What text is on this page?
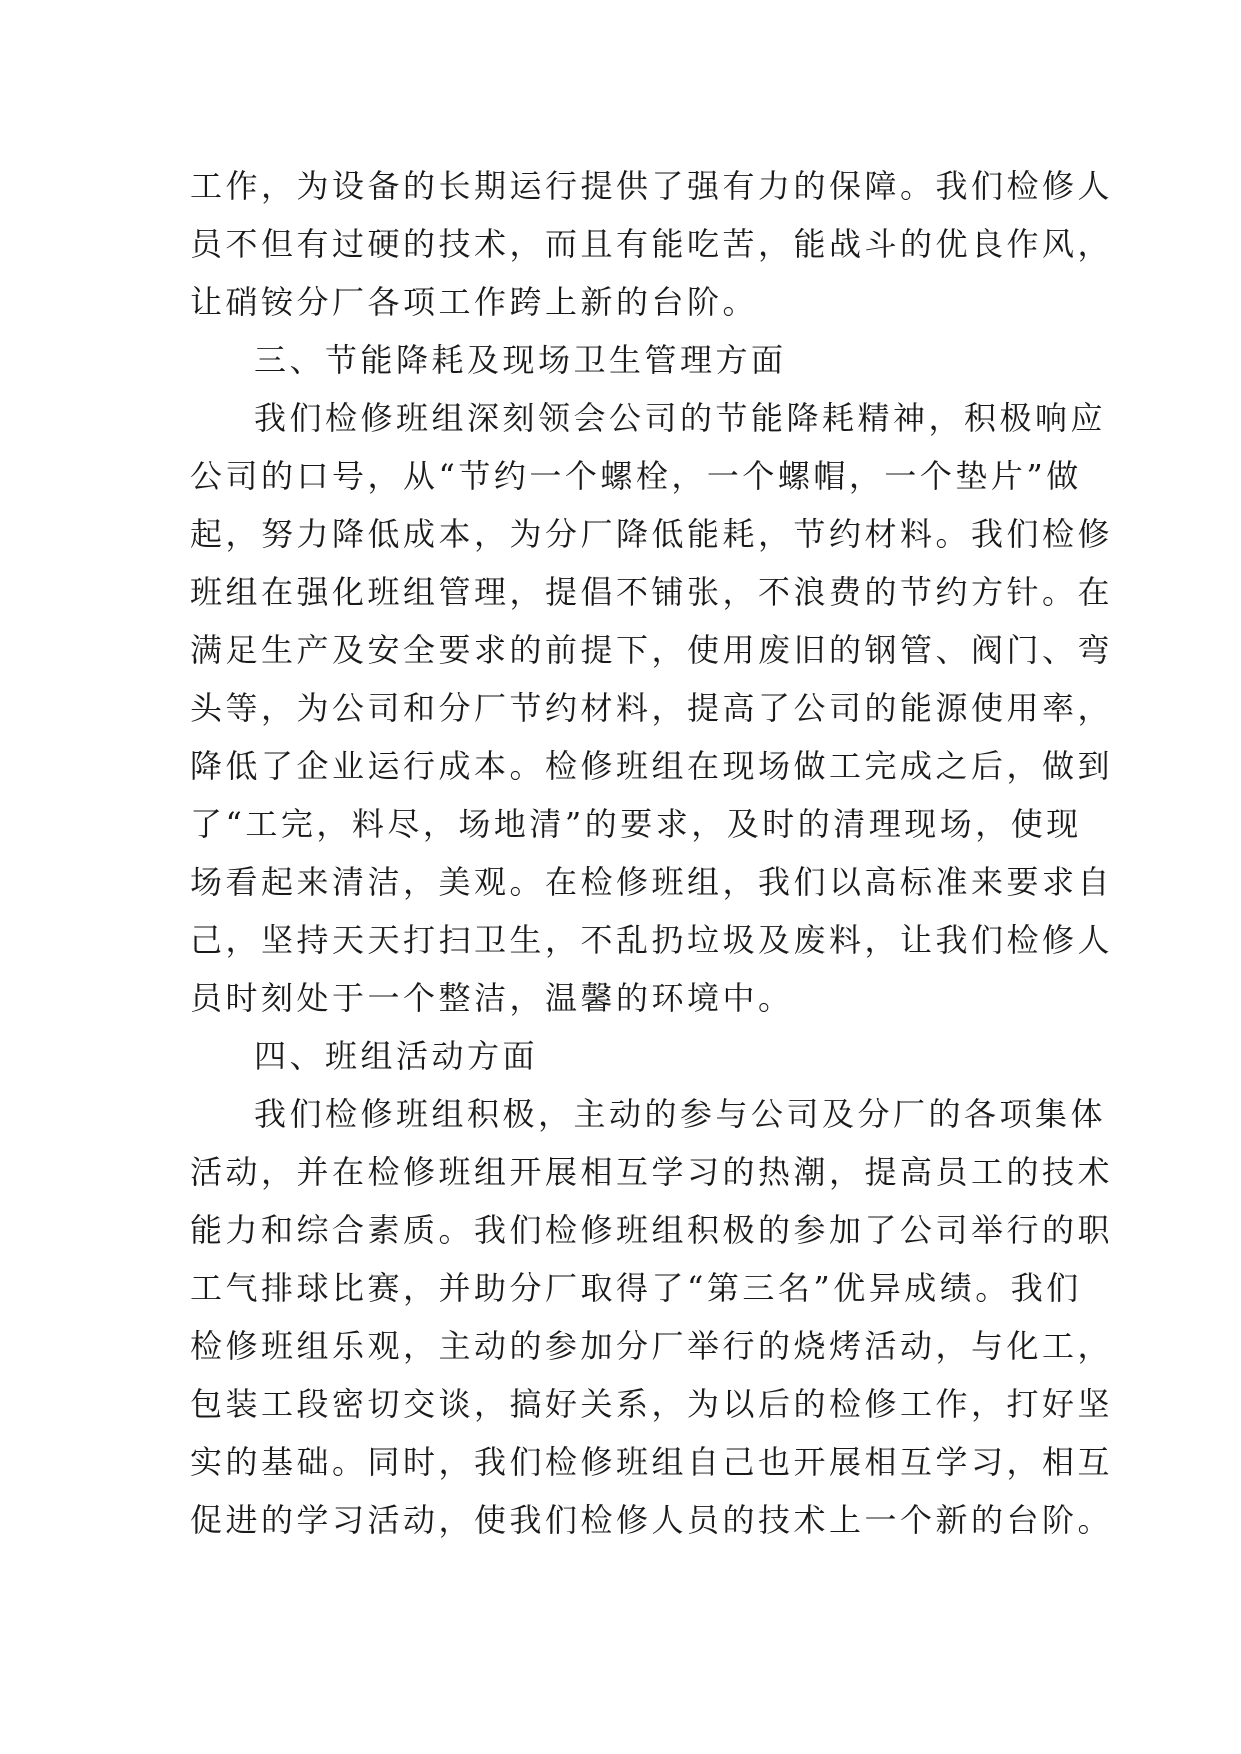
工作，为设备的长期运行提供了强有力的保障。我们检修人
员不但有过硬的技术，而且有能吃苦，能战斗的优良作风，
让硝铵分厂各项工作跨上新的台阶。
三、节能降耗及现场卫生管理方面
我们检修班组深刻领会公司的节能降耗精神，积极响应
公司的口号，从“节约一个螺栓，一个螺帽，一个垫片”做
起，努力降低成本，为分厂降低能耗，节约材料。我们检修
班组在强化班组管理，提倡不铺张，不浪费的节约方针。在
满足生产及安全要求的前提下，使用废旧的钢管、阀门、弯
头等，为公司和分厂节约材料，提高了公司的能源使用率，
降低了企业运行成本。检修班组在现场做工完成之后，做到
了“工完，料尽，场地清”的要求，及时的清理现场，使现
场看起来清洁，美观。在检修班组，我们以高标准来要求自
己，坚持天天打扫卫生，不乱扔垃圾及废料，让我们检修人
员时刻处于一个整洁，温馨的环境中。
四、班组活动方面
我们检修班组积极，主动的参与公司及分厂的各项集体
活动，并在检修班组开展相互学习的热潮，提高员工的技术
能力和综合素质。我们检修班组积极的参加了公司举行的职
工气排球比赛，并助分厂取得了“第三名”优异成绩。我们
检修班组乐观，主动的参加分厂举行的烧烤活动，与化工，
包装工段密切交谈，搞好关系，为以后的检修工作，打好坚
实的基础。同时，我们检修班组自己也开展相互学习，相互
促进的学习活动，使我们检修人员的技术上一个新的台阶。
